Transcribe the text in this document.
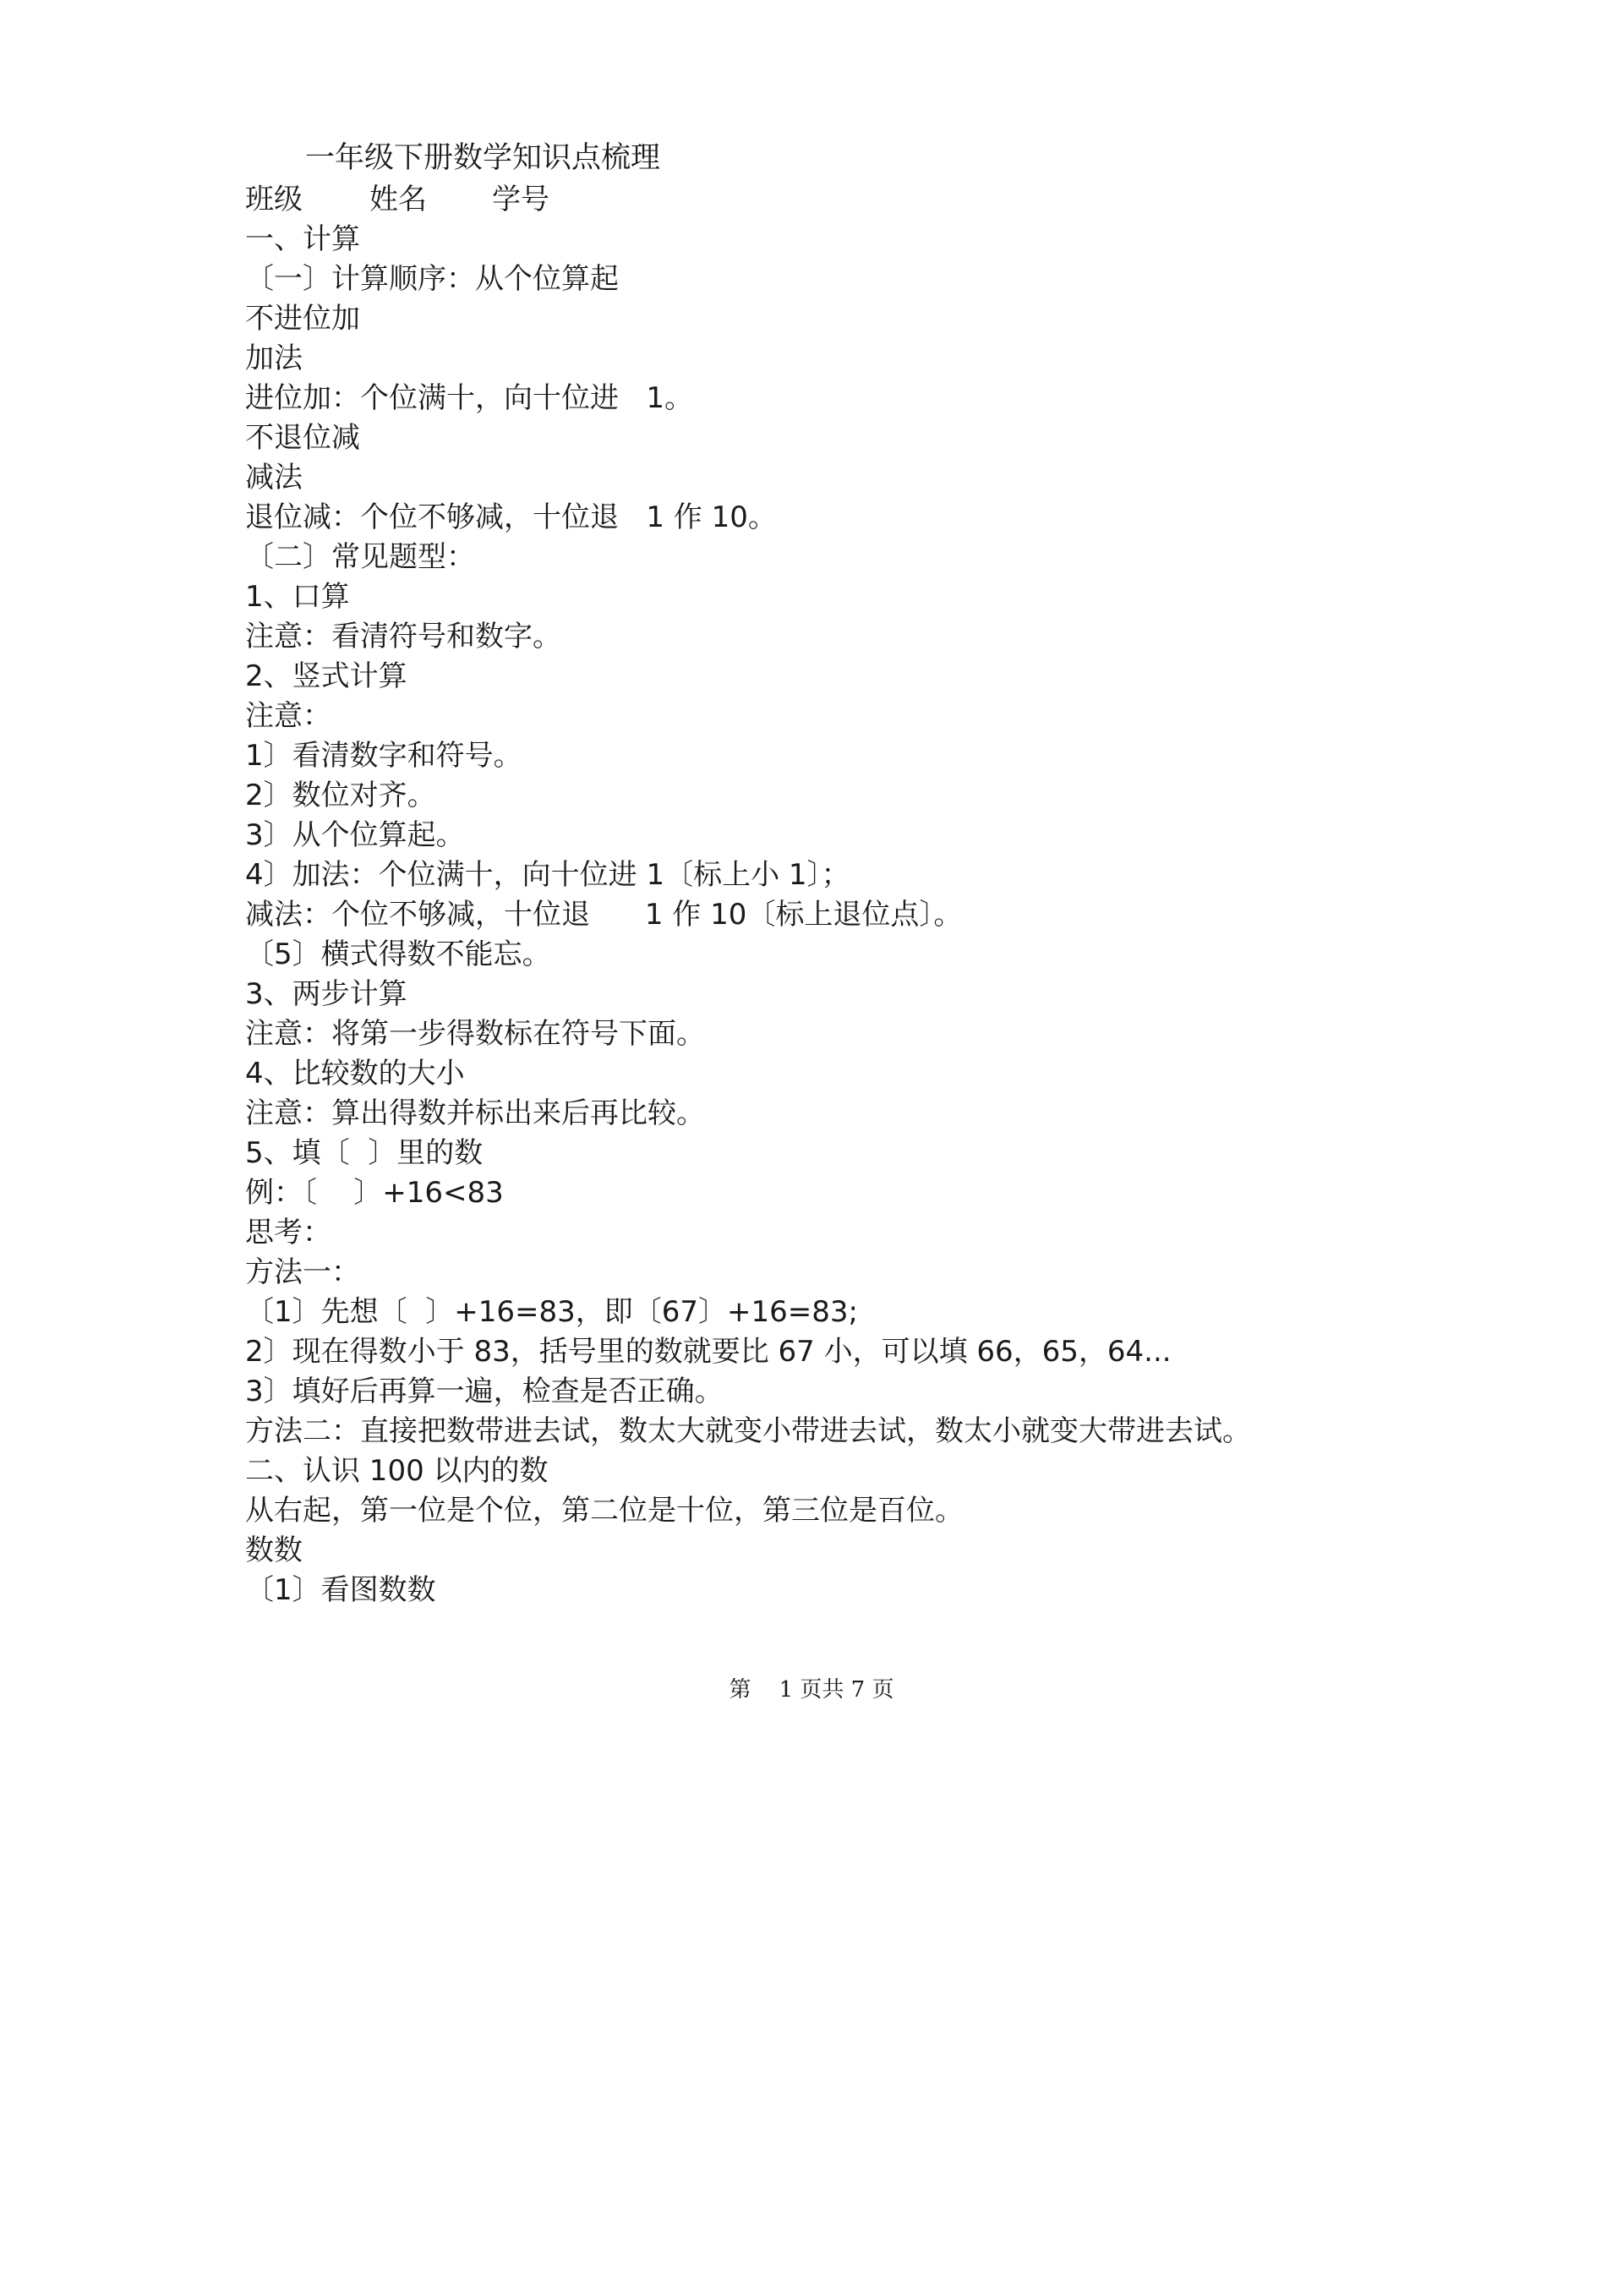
一年级下册数学知识点梳理
班级 姓名 学号
一、计算
〔一〕计算顺序：从个位算起
不进位加
加法
进位加：个位满十，向十位进   1。
不退位减
减法
退位减：个位不够减，十位退   1 作 10。
〔二〕常见题型：
1、口算
注意：看清符号和数字。
2、竖式计算
注意：
1〕看清数字和符号。
2〕数位对齐。
3〕从个位算起。
4〕加法：个位满十，向十位进 1〔标上小 1〕；
减法：个位不够减，十位退      1 作 10〔标上退位点〕。
〔5〕横式得数不能忘。
3、两步计算
注意：将第一步得数标在符号下面。
4、比较数的大小
注意：算出得数并标出来后再比较。
5、填〔  〕里的数
例：〔    〕+16<83
思考：
方法一：
〔1〕先想〔  〕+16=83，即〔67〕+16=83;
2〕现在得数小于 83，括号里的数就要比 67 小，可以填 66，65，64...
3〕填好后再算一遍，检查是否正确。
方法二：直接把数带进去试，数太大就变小带进去试，数太小就变大带进去试。
二、认识 100 以内的数
从右起，第一位是个位，第二位是十位，第三位是百位。
数数
〔1〕看图数数
第    1 页共 7 页
